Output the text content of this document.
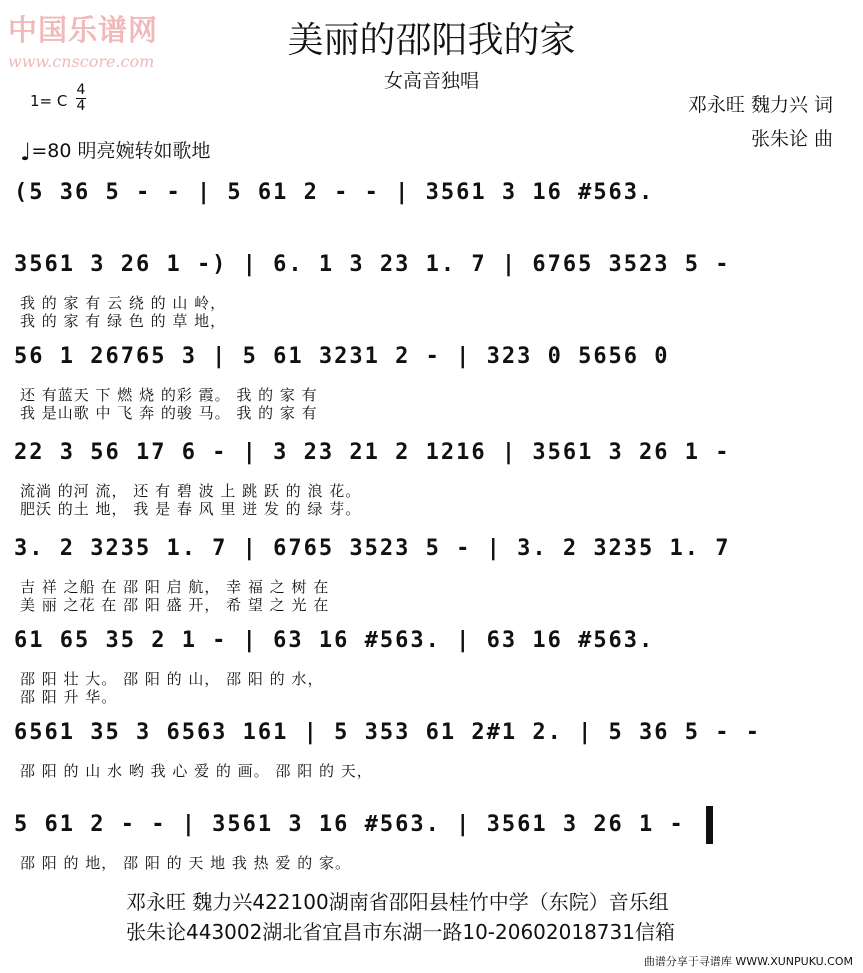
中国乐谱网
www.cnscore.com
美丽的邵阳我的家
女高音独唱
1= C
4
4	邓永旺 魏力兴 词
张朱论 曲
♩=80 明亮婉转如歌地
(5 36 5 - - | 5 61 2 - - | 3561 3 16 #563.
3561 3 26 1 -) | 6. 1 3 23 1. 7 | 6765 3523 5 -
我 的 家 有 云 绕 的 山 岭，
我 的 家 有 绿 色 的 草 地，
56 1 26765 3 | 5 61 3231 2 - | 323 0 5656 0
还 有蓝天 下 燃 烧 的彩 霞。 我 的 家 有
我 是山歌 中 飞 奔 的骏 马。 我 的 家 有
22 3 56 17 6 - | 3 23 21 2 1216 | 3561 3 26 1 -
流淌 的河 流， 还 有 碧 波 上 跳 跃 的 浪 花。
肥沃 的土 地， 我 是 春 风 里 迸 发 的 绿 芽。
3. 2 3235 1. 7 | 6765 3523 5 - | 3. 2 3235 1. 7
吉 祥 之船 在 邵 阳 启 航， 幸 福 之 树 在
美 丽 之花 在 邵 阳 盛 开， 希 望 之 光 在
61 65 35 2 1 - | 63 16 #563. | 63 16 #563.
邵 阳 壮 大。 邵 阳 的 山， 邵 阳 的 水，
邵 阳 升 华。
6561 35 3 6563 161 | 5 353 61 2#1 2. | 5 36 5 - -
邵 阳 的 山 水 哟 我 心 爱 的 画。 邵 阳 的 天，
5 61 2 - - | 3561 3 16 #563. | 3561 3 26 1 -
邵 阳 的 地， 邵 阳 的 天 地 我 热 爱 的 家。
邓永旺 魏力兴422100湖南省邵阳县桂竹中学（东院）音乐组
张朱论443002湖北省宜昌市东湖一路10-20602018731信箱
曲谱分享于寻谱库 WWW.XUNPUKU.COM
